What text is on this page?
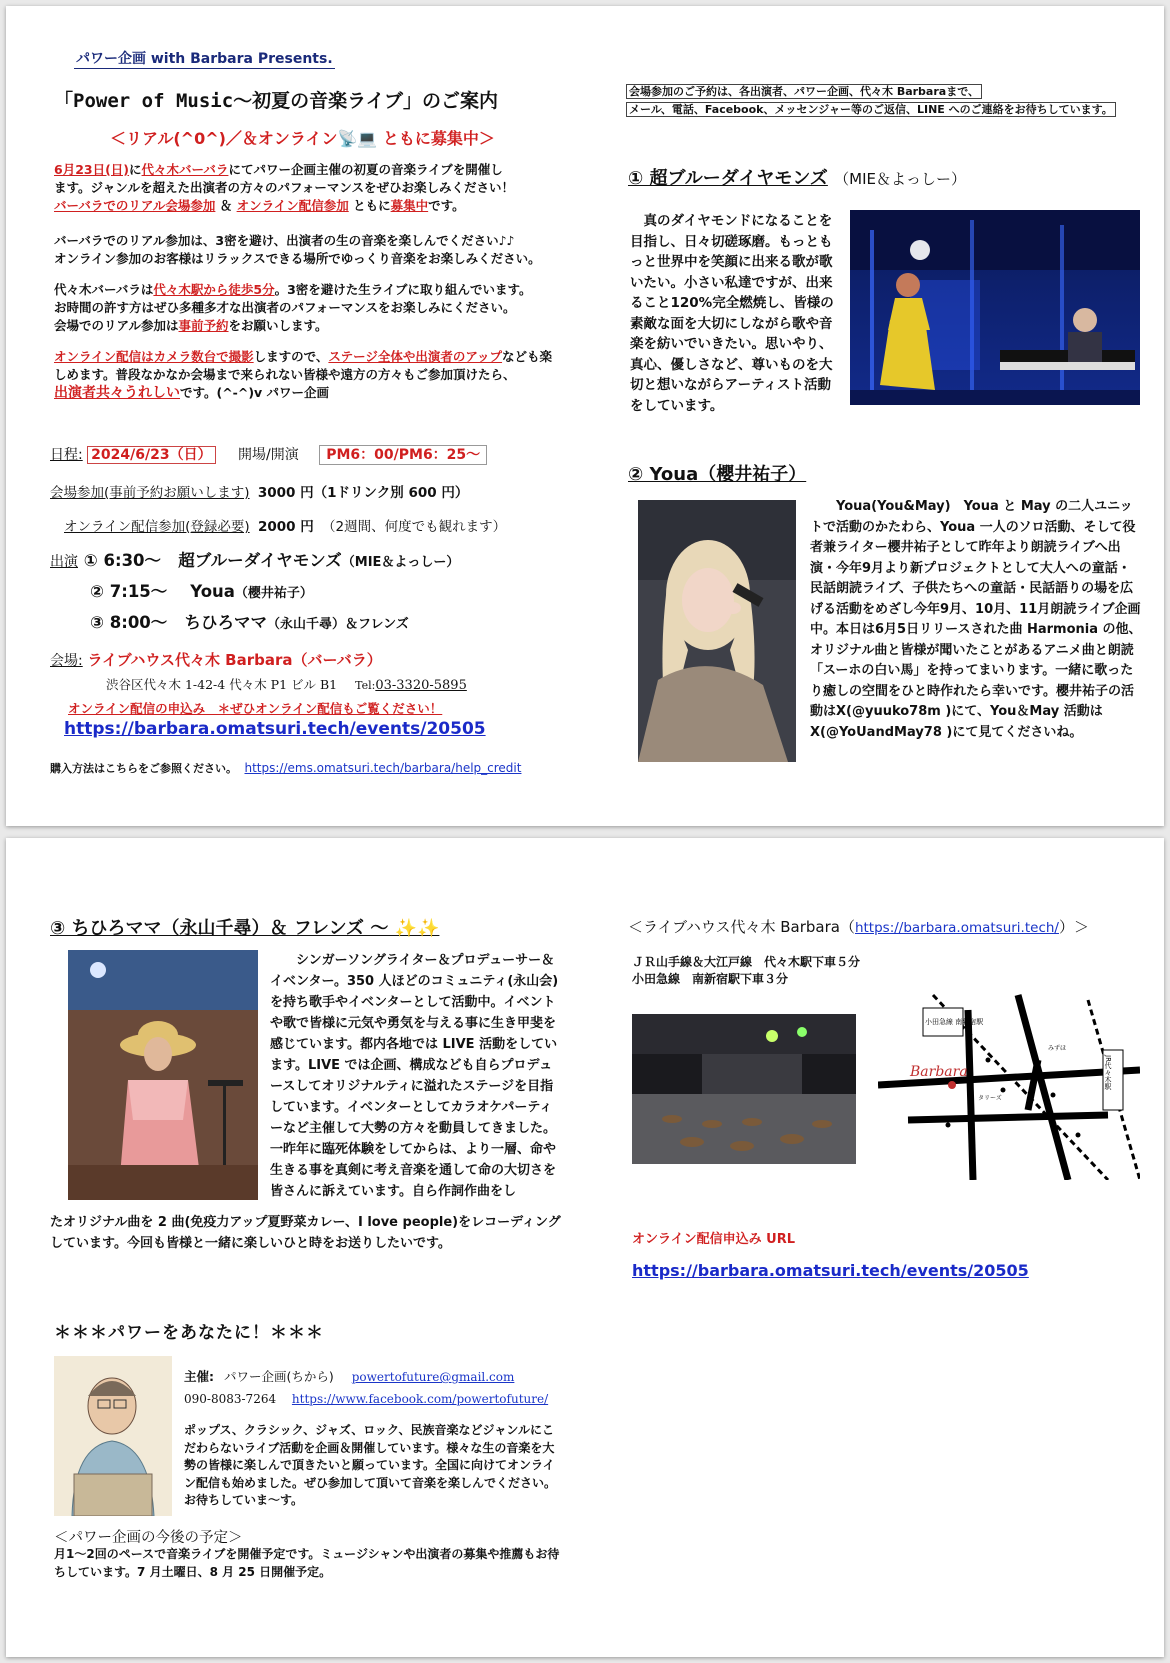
パワー企画 with Barbara Presents.
「Power of Music～初夏の音楽ライブ」のご案内
＜リアル(^0^)／＆オンライン📡💻 ともに募集中＞
6月23日(日)に代々木バーバラにてパワー企画主催の初夏の音楽ライブを開催し
ます。ジャンルを超えた出演者の方々のパフォーマンスをぜひお楽しみください！
バーバラでのリアル会場参加 ＆ オンライン配信参加 ともに募集中です。
バーバラでのリアル参加は、3密を避け、出演者の生の音楽を楽しんでください♪♪
オンライン参加のお客様はリラックスできる場所でゆっくり音楽をお楽しみください。
代々木バーバラは代々木駅から徒歩5分。3密を避けた生ライブに取り組んでいます。
お時間の許す方はぜひ多種多才な出演者のパフォーマンスをお楽しみにください。
会場でのリアル参加は事前予約をお願いします。
オンライン配信はカメラ数台で撮影しますので、ステージ全体や出演者のアップなども楽
しめます。普段なかなか会場まで来られない皆様や遠方の方々もご参加頂けたら、
出演者共々うれしいです。(^-^)v パワー企画
日程: 2024/6/23（日） 開場/開演 PM6：00/PM6：25～
会場参加(事前予約お願いします) 3000 円（1ドリンク別 600 円）
オンライン配信参加(登録必要) 2000 円 （2週間、何度でも観れます）
出演 ① 6:30～ 超ブルーダイヤモンズ（MIE＆よっしー）
② 7:15～ Youa（櫻井祐子）
③ 8:00～ ちひろママ（永山千尋）＆フレンズ
会場: ライブハウス代々木 Barbara（バーバラ）
渋谷区代々木 1-42-4 代々木 P1 ビル B1 Tel:03-3320-5895
オンライン配信の申込み　＊ぜひオンライン配信もご覧ください！
https://barbara.omatsuri.tech/events/20505
購入方法はこちらをご参照ください。 https://ems.omatsuri.tech/barbara/help_credit
会場参加のご予約は、各出演者、パワー企画、代々木 Barbaraまで、
メール、電話、Facebook、メッセンジャー等のご返信、LINE へのご連絡をお待ちしています。
① 超ブルーダイヤモンズ （MIE＆よっしー）
　真のダイヤモンドになることを目指し、日々切磋琢磨。もっともっと世界中を笑顔に出来る歌が歌いたい。小さい私達ですが、出来ること120%完全燃焼し、皆様の素敵な面を大切にしながら歌や音楽を紡いでいきたい。思いやり、真心、優しさなど、尊いものを大切と想いながらアーティスト活動をしています。
② Youa（櫻井祐子）
　　Youa(You&May)　Youa と May の二人ユニットで活動のかたわら、Youa 一人のソロ活動、そして役者兼ライター櫻井祐子として昨年より朗読ライブへ出演・今年9月より新プロジェクトとして大人への童話・民話朗読ライブ、子供たちへの童話・民話語りの場を広げる活動をめざし今年9月、10月、11月朗読ライブ企画中。本日は6月5日リリースされた曲 Harmonia の他、オリジナル曲と皆様が聞いたことがあるアニメ曲と朗読「スーホの白い馬」を持ってまいります。一緒に歌ったり癒しの空間をひと時作れたら幸いです。櫻井祐子の活動はX(@yuuko78m )にて、You＆May 活動はX(@YoUandMay78 )にて見てくださいね。
③ ちひろママ（永山千尋）＆ フレンズ ～ ✨✨
　　シンガーソングライター＆プロデューサー＆イベンター。350 人ほどのコミュニティ(永山会)を持ち歌手やイベンターとして活動中。イベントや歌で皆様に元気や勇気を与える事に生き甲斐を感じています。都内各地では LIVE 活動をしています。LIVE では企画、構成なども自らプロデュースしてオリジナルティに溢れたステージを目指しています。イベンターとしてカラオケパーティーなど主催して大勢の方々を動員してきました。一昨年に臨死体験をしてからは、より一層、命や生きる事を真剣に考え音楽を通して命の大切さを皆さんに訴えています。自ら作詞作曲をし
たオリジナル曲を 2 曲(免疫力アップ夏野菜カレー、I love people)をレコーディングしています。今回も皆様と一緒に楽しいひと時をお送りしたいです。
＊＊＊パワーをあなたに！＊＊＊
主催: パワー企画(ちから) powertofuture@gmail.com
090-8083-7264 https://www.facebook.com/powertofuture/
ポップス、クラシック、ジャズ、ロック、民族音楽などジャンルにこだわらないライブ活動を企画＆開催しています。様々な生の音楽を大勢の皆様に楽しんで頂きたいと願っています。全国に向けてオンライン配信も始めました。ぜひ参加して頂いて音楽を楽しんでください。お待ちしていま～す。
＜パワー企画の今後の予定＞
月1～2回のペースで音楽ライブを開催予定です。ミュージシャンや出演者の募集や推薦もお待ちしています。7 月土曜日、8 月 25 日開催予定。
＜ライブハウス代々木 Barbara（https://barbara.omatsuri.tech/）＞
ＪＲ山手線＆大江戸線　代々木駅下車５分
小田急線　南新宿駅下車３分
小田急線 南新宿駅
Barbara	JR代々木駅
タリーズ
みずほ
オンライン配信申込み URL
https://barbara.omatsuri.tech/events/20505
